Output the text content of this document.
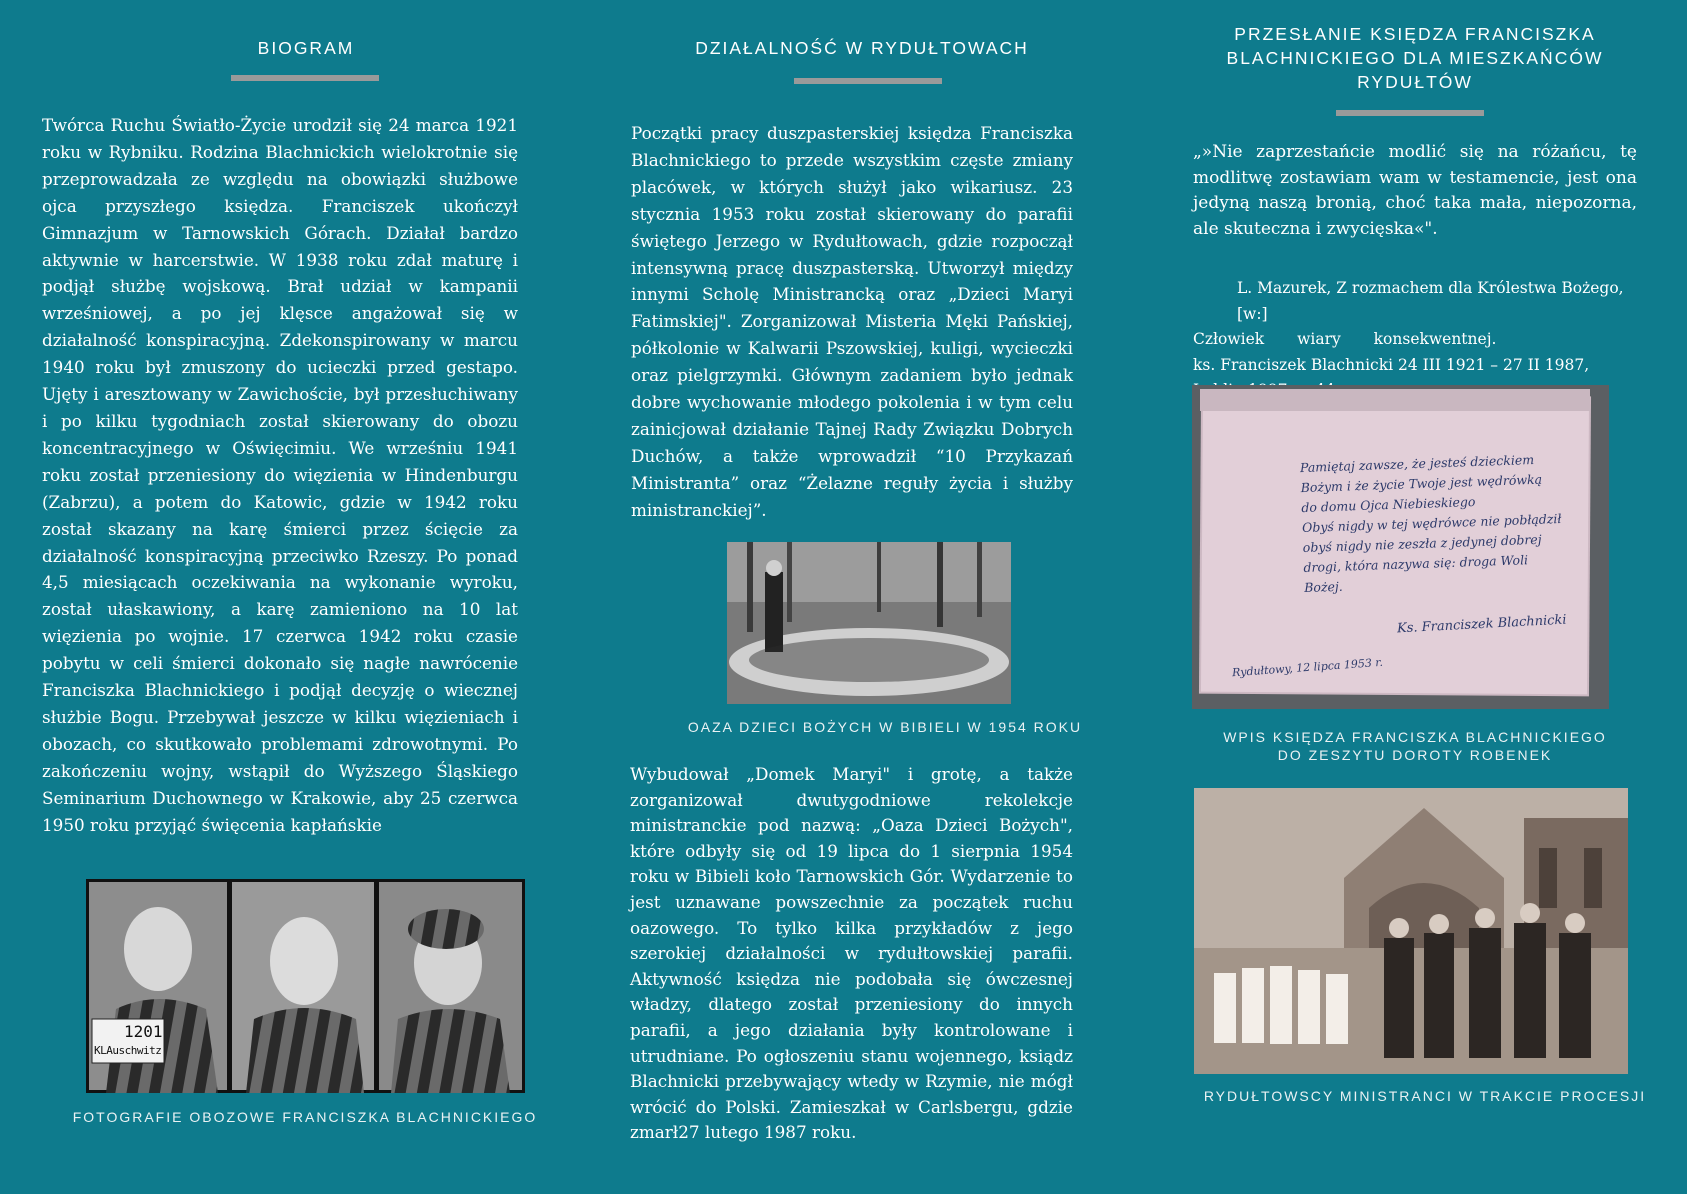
BIOGRAM

Twórca Ruchu Światło-Życie urodził się 24 marca 1921 roku w Rybniku. Rodzina Blachnickich wielokrotnie się przeprowadzała ze względu na obowiązki służbowe ojca przyszłego księdza. Franciszek ukończył Gimnazjum w Tarnowskich Górach. Działał bardzo aktywnie w harcerstwie. W 1938 roku zdał maturę i podjął służbę wojskową. Brał udział w kampanii wrześniowej, a po jej klęsce angażował się w działalność konspiracyjną. Zdekonspirowany w marcu 1940 roku był zmuszony do ucieczki przed gestapo. Ujęty i aresztowany w Zawichoście, był przesłuchiwany i po kilku tygodniach został skierowany do obozu koncentracyjnego w Oświęcimiu. We wrześniu 1941 roku został przeniesiony do więzienia w Hindenburgu (Zabrzu), a potem do Katowic, gdzie w 1942 roku został skazany na karę śmierci przez ścięcie za działalność konspiracyjną przeciwko Rzeszy. Po ponad 4,5 miesiącach oczekiwania na wykonanie wyroku, został ułaskawiony, a karę zamieniono na 10 lat więzienia po wojnie. 17 czerwca 1942 roku czasie pobytu w celi śmierci dokonało się nagłe nawrócenie Franciszka Blachnickiego i podjął decyzję o wiecznej służbie Bogu. Przebywał jeszcze w kilku więzieniach i obozach, co skutkowało problemami zdrowotnymi. Po zakończeniu wojny, wstąpił do Wyższego Śląskiego Seminarium Duchownego w Krakowie, aby 25 czerwca 1950 roku przyjąć święcenia kapłańskie

1201
KLAuschwitz
FOTOGRAFIE OBOZOWE FRANCISZKA BLACHNICKIEGO
DZIAŁALNOŚĆ W RYDUŁTOWACH

Początki pracy duszpasterskiej księdza Franciszka Blachnickiego to przede wszystkim częste zmiany placówek, w których służył jako wikariusz. 23 stycznia 1953 roku został skierowany do parafii świętego Jerzego w Rydułtowach, gdzie rozpoczął intensywną pracę duszpasterską. Utworzył między innymi Scholę Ministrancką oraz „Dzieci Maryi Fatimskiej". Zorganizował Misteria Męki Pańskiej, półkolonie w Kalwarii Pszowskiej, kuligi, wycieczki oraz pielgrzymki. Głównym zadaniem było jednak dobre wychowanie młodego pokolenia i w tym celu zainicjował działanie Tajnej Rady Związku Dobrych Duchów, a także wprowadził “10 Przykazań Ministranta” oraz “Żelazne reguły życia i służby ministranckiej”.

OAZA DZIECI BOŻYCH W BIBIELI W 1954 ROKU

Wybudował „Domek Maryi" i grotę, a także zorganizował dwutygodniowe rekolekcje ministranckie pod nazwą: „Oaza Dzieci Bożych", które odbyły się od 19 lipca do 1 sierpnia 1954 roku w Bibieli koło Tarnowskich Gór. Wydarzenie to jest uznawane powszechnie za początek ruchu oazowego. To tylko kilka przykładów z jego szerokiej działalności w rydułtowskiej parafii. Aktywność księdza nie podobała się ówczesnej władzy, dlatego został przeniesiony do innych parafii, a jego działania były kontrolowane i utrudniane. Po ogłoszeniu stanu wojennego, ksiądz Blachnicki przebywający wtedy w Rzymie, nie mógł wrócić do Polski. Zamieszkał w Carlsbergu, gdzie zmarł27 lutego 1987 roku.

PRZESŁANIE KSIĘDZA FRANCISZKA BLACHNICKIEGO DLA MIESZKAŃCÓW RYDUŁTÓW
„»Nie zaprzestańcie modlić się na różańcu, tę modlitwę zostawiam wam w testamencie, jest ona jedyną naszą bronią, choć taka mała, niepozorna, ale skuteczna i zwycięska«".
L. Mazurek, Z rozmachem dla Królestwa Bożego, [w:]
Człowiek wiary konsekwentnej.
ks. Franciszek Blachnicki 24 III 1921 – 27 II 1987,
Pamiętaj zawsze, że jesteś dzieckiem
Bożym i że życie Twoje jest wędrówką
do domu Ojca Niebieskiego
Obyś nigdy w tej wędrówce nie pobłądził
obyś nigdy nie zeszła z jedynej dobrej
drogi, która nazywa się: droga Woli
Bożej.
Ks. Franciszek Blachnicki
Rydułtowy, 12 lipca 1953 r.
WPIS KSIĘDZA FRANCISZKA BLACHNICKIEGO DO ZESZYTU DOROTY ROBENEK
RYDUŁTOWSCY MINISTRANCI W TRAKCIE PROCESJI
